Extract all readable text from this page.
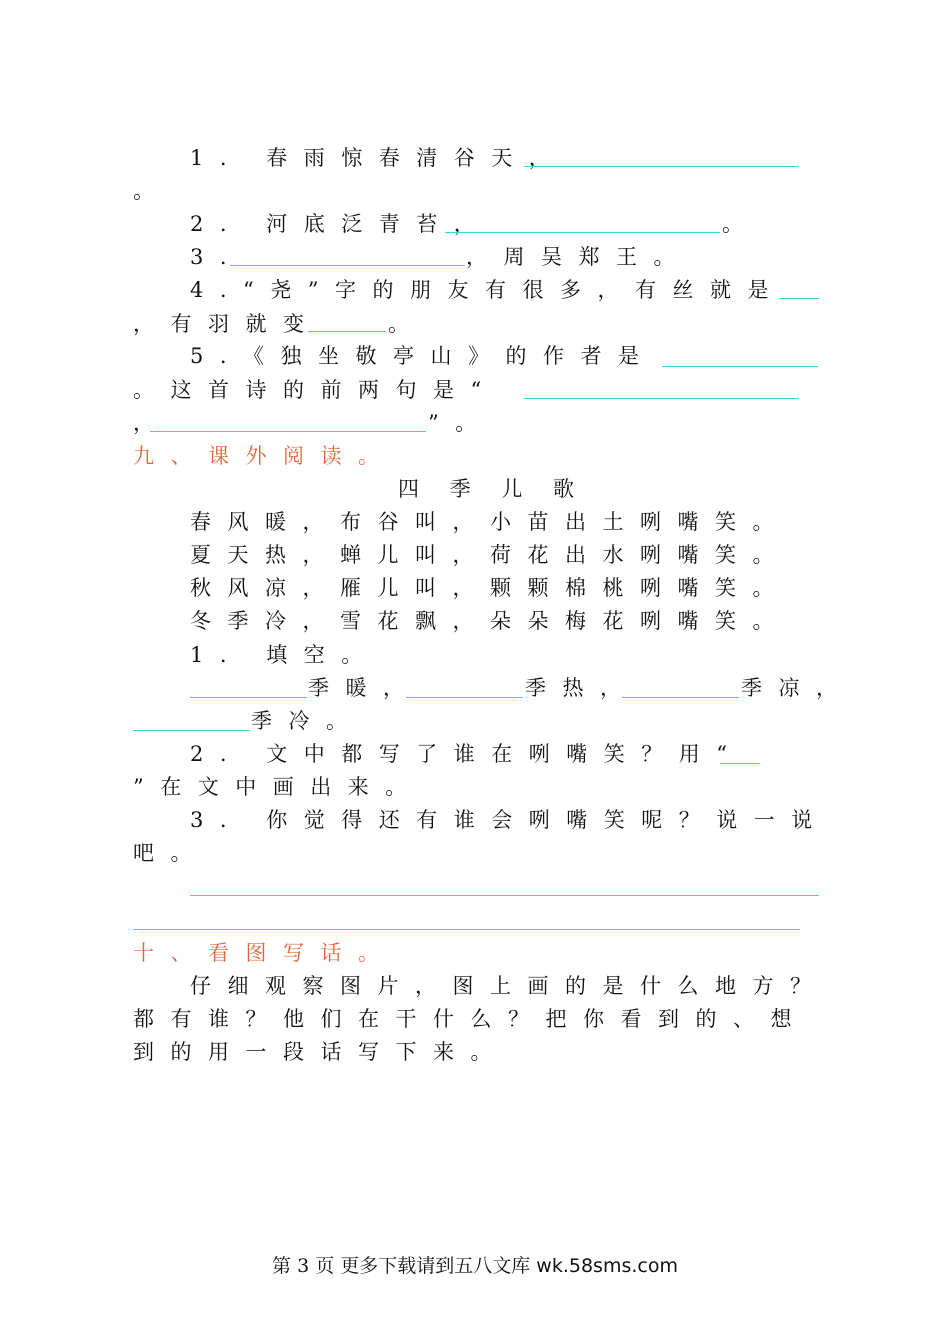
1. 春雨惊春清谷天，
。
2. 河底泛青苔，	。
3.	，周吴郑王。
4.“尧”字的朋友有很多，有丝就是
，有羽就变	。
5.《独坐敬亭山》的作者是
。这首诗的前两句是“
，	”。
九、课外阅读。
四 季 儿 歌
春风暖，布谷叫，小苗出土咧嘴笑。
夏天热，蝉儿叫，荷花出水咧嘴笑。
秋风凉，雁儿叫，颗颗棉桃咧嘴笑。
冬季冷，雪花飘，朵朵梅花咧嘴笑。
1. 填空。
季暖，	季热，	季凉，
季冷。
2. 文中都写了谁在咧嘴笑？用“
”在文中画出来。
3. 你觉得还有谁会咧嘴笑呢？说一说
吧。
十、看图写话。
仔细观察图片，图上画的是什么地方？
都有谁？他们在干什么？把你看到的、想
到的用一段话写下来。
第 3 页 更多下载请到五八文库 wk.58sms.com
